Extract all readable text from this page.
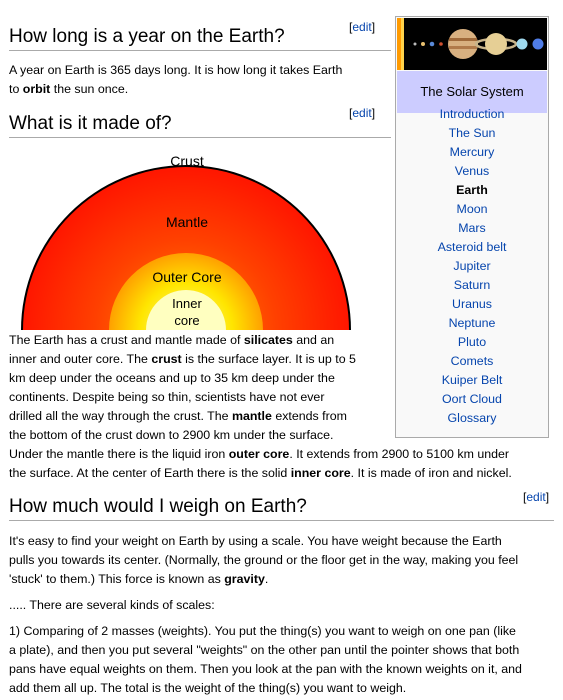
[edit]
How long is a year on the Earth?
A year on Earth is 365 days long. It is how long it takes Earth
to orbit the sun once.
[edit]
What is it made of?
Crust
Mantle
Outer Core
Inner
core
The Earth has a crust and mantle made of silicates and an
inner and outer core. The crust is the surface layer. It is up to 5
km deep under the oceans and up to 35 km deep under the
continents. Despite being so thin, scientists have not ever
drilled all the way through the crust. The mantle extends from
the bottom of the crust down to 2900 km under the surface.
Under the mantle there is the liquid iron outer core. It extends from 2900 to 5100 km under
the surface. At the center of Earth there is the solid inner core. It is made of iron and nickel.
[edit]
How much would I weigh on Earth?
It's easy to find your weight on Earth by using a scale. You have weight because the Earth
pulls you towards its center. (Normally, the ground or the floor get in the way, making you feel
'stuck' to them.) This force is known as gravity.
..... There are several kinds of scales:
1) Comparing of 2 masses (weights). You put the thing(s) you want to weigh on one pan (like
a plate), and then you put several "weights" on the other pan until the pointer shows that both
pans have equal weights on them. Then you look at the pan with the known weights on it, and
add them all up. The total is the weight of the thing(s) you want to weigh.
The Solar System
Introduction
The Sun
Mercury
Venus
Earth
Moon
Mars
Asteroid belt
Jupiter
Saturn
Uranus
Neptune
Pluto
Comets
Kuiper Belt
Oort Cloud
Glossary
